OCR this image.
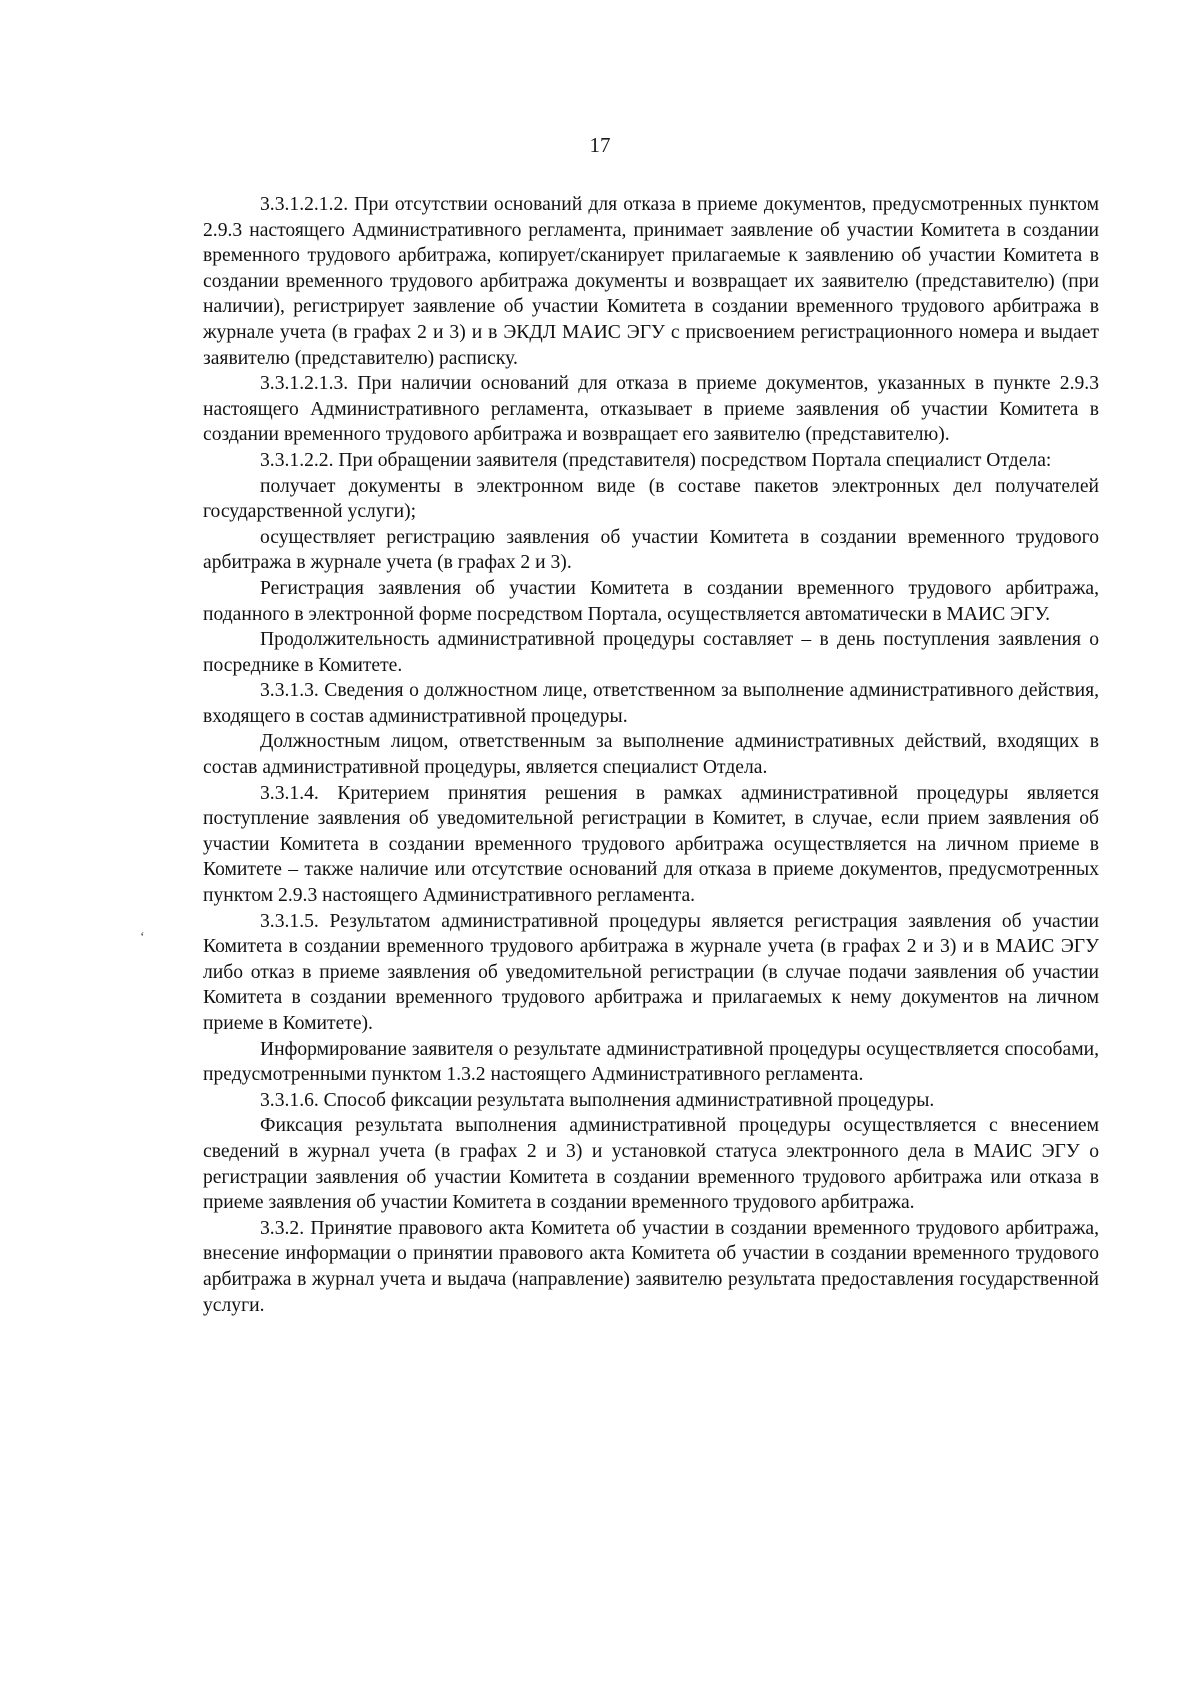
17
‘

3.3.1.2.1.2. При отсутствии оснований для отказа в приеме документов, предусмотренных пунктом 2.9.3 настоящего Административного регламента, принимает заявление об участии Комитета в создании временного трудового арбитража, копирует/сканирует прилагаемые к заявлению об участии Комитета в создании временного трудового арбитража документы и возвращает их заявителю (представителю) (при наличии), регистрирует заявление об участии Комитета в создании временного трудового арбитража в журнале учета (в графах 2 и 3) и в ЭКДЛ МАИС ЭГУ с присвоением регистрационного номера и выдает заявителю (представителю) расписку.

3.3.1.2.1.3. При наличии оснований для отказа в приеме документов, указанных в пункте 2.9.3 настоящего Административного регламента, отказывает в приеме заявления об участии Комитета в создании временного трудового арбитража и возвращает его заявителю (представителю).

3.3.1.2.2. При обращении заявителя (представителя) посредством Портала специалист Отдела:

получает документы в электронном виде (в составе пакетов электронных дел получателей государственной услуги);

осуществляет регистрацию заявления об участии Комитета в создании временного трудового арбитража в журнале учета (в графах 2 и 3).

Регистрация заявления об участии Комитета в создании временного трудового арбитража, поданного в электронной форме посредством Портала, осуществляется автоматически в МАИС ЭГУ.

Продолжительность административной процедуры составляет – в день поступления заявления о посреднике в Комитете.

3.3.1.3. Сведения о должностном лице, ответственном за выполнение административного действия, входящего в состав административной процедуры.

Должностным лицом, ответственным за выполнение административных действий, входящих в состав административной процедуры, является специалист Отдела.

3.3.1.4. Критерием принятия решения в рамках административной процедуры является поступление заявления об уведомительной регистрации в Комитет, в случае, если прием заявления об участии Комитета в создании временного трудового арбитража осуществляется на личном приеме в Комитете – также наличие или отсутствие оснований для отказа в приеме документов, предусмотренных пунктом 2.9.3 настоящего Административного регламента.

3.3.1.5. Результатом административной процедуры является регистрация заявления об участии Комитета в создании временного трудового арбитража в журнале учета (в графах 2 и 3) и в МАИС ЭГУ либо отказ в приеме заявления об уведомительной регистрации (в случае подачи заявления об участии Комитета в создании временного трудового арбитража и прилагаемых к нему документов на личном приеме в Комитете).

Информирование заявителя о результате административной процедуры осуществляется способами, предусмотренными пунктом 1.3.2 настоящего Административного регламента.

3.3.1.6. Способ фиксации результата выполнения административной процедуры.

Фиксация результата выполнения административной процедуры осуществляется с внесением сведений в журнал учета (в графах 2 и 3) и установкой статуса электронного дела в МАИС ЭГУ о регистрации заявления об участии Комитета в создании временного трудового арбитража или отказа в приеме заявления об участии Комитета в создании временного трудового арбитража.

3.3.2. Принятие правового акта Комитета об участии в создании временного трудового арбитража, внесение информации о принятии правового акта Комитета об участии в создании временного трудового арбитража в журнал учета и выдача (направление) заявителю результата предоставления государственной услуги.
